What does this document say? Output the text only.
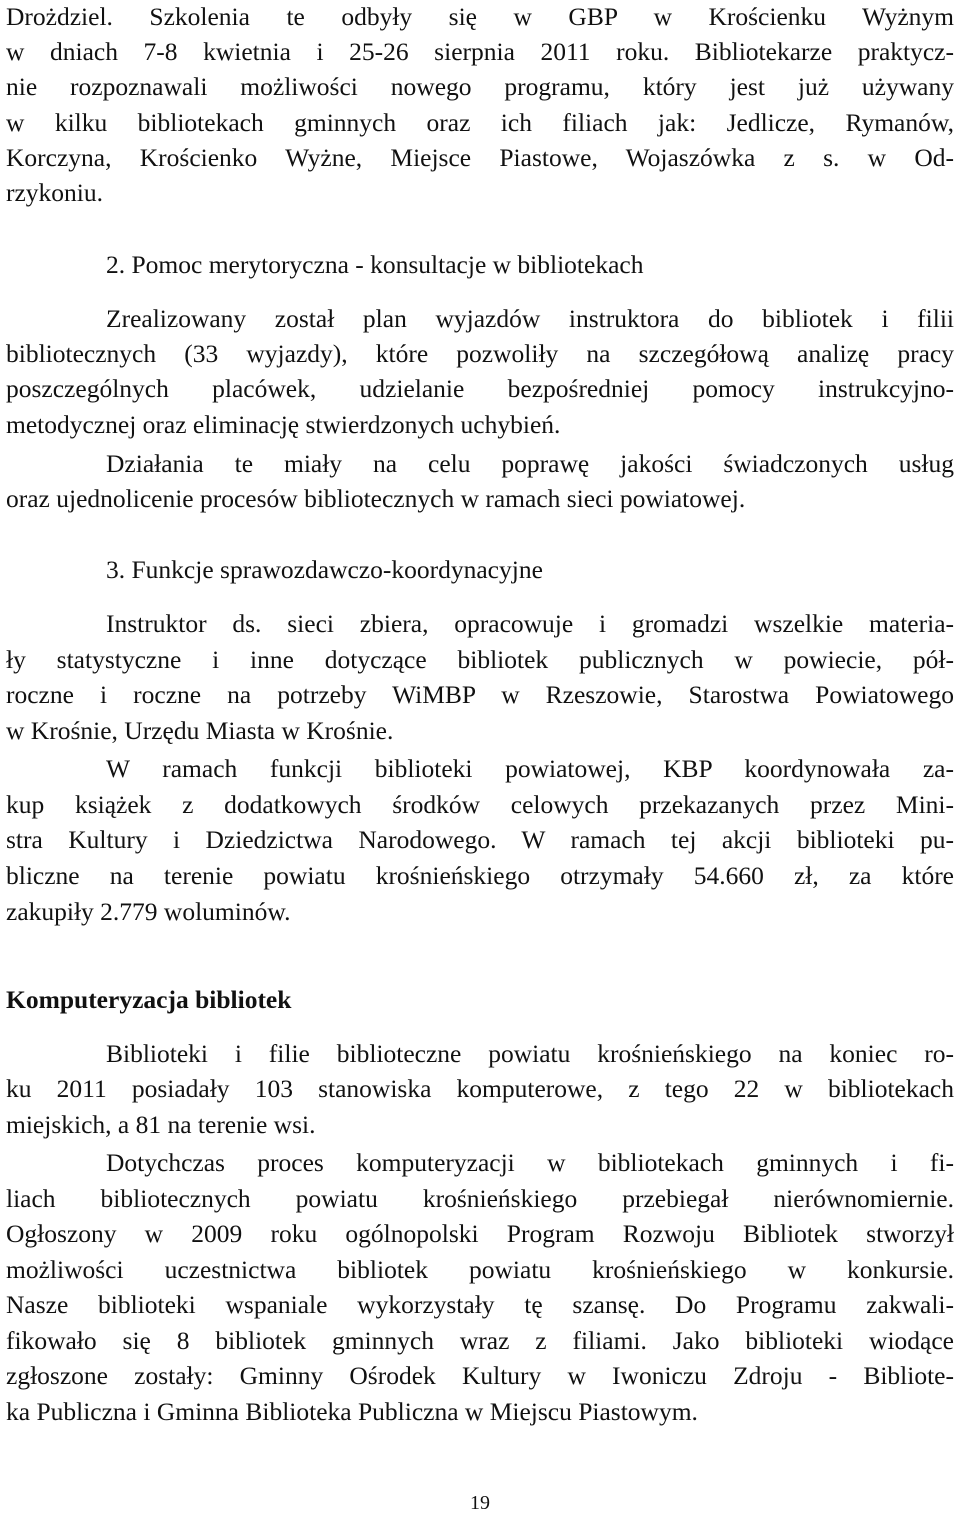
Drożdziel. Szkolenia te odbyły się w GBP w Krościenku Wyżnym
w dniach 7-8 kwietnia i 25-26 sierpnia 2011 roku. Bibliotekarze praktycz-
nie rozpoznawali możliwości nowego programu, który jest już używany
w kilku bibliotekach gminnych oraz ich filiach jak: Jedlicze, Rymanów,
Korczyna, Krościenko Wyżne, Miejsce Piastowe, Wojaszówka z s. w Od-
rzykoniu.
2. Pomoc merytoryczna - konsultacje w bibliotekach
Zrealizowany został plan wyjazdów instruktora do bibliotek i filii
bibliotecznych (33 wyjazdy), które pozwoliły na szczegółową analizę pracy
poszczególnych placówek, udzielanie bezpośredniej pomocy instrukcyjno-
metodycznej oraz eliminację stwierdzonych uchybień.
Działania te miały na celu poprawę jakości świadczonych usług
oraz ujednolicenie procesów bibliotecznych w ramach sieci powiatowej.
3. Funkcje sprawozdawczo-koordynacyjne
Instruktor ds. sieci zbiera, opracowuje i gromadzi wszelkie materia-
ły statystyczne i inne dotyczące bibliotek publicznych w powiecie, pół-
roczne i roczne na potrzeby WiMBP w Rzeszowie, Starostwa Powiatowego
w Krośnie, Urzędu Miasta w Krośnie.
W ramach funkcji biblioteki powiatowej, KBP koordynowała za-
kup książek z dodatkowych środków celowych przekazanych przez Mini-
stra Kultury i Dziedzictwa Narodowego. W ramach tej akcji biblioteki pu-
bliczne na terenie powiatu krośnieńskiego otrzymały 54.660 zł, za które
zakupiły 2.779 woluminów.
Komputeryzacja bibliotek
Biblioteki i filie biblioteczne powiatu krośnieńskiego na koniec ro-
ku 2011 posiadały 103 stanowiska komputerowe, z tego 22 w bibliotekach
miejskich, a 81 na terenie wsi.
Dotychczas proces komputeryzacji w bibliotekach gminnych i fi-
liach bibliotecznych powiatu krośnieńskiego przebiegał nierównomiernie.
Ogłoszony w 2009 roku ogólnopolski Program Rozwoju Bibliotek stworzył
możliwości uczestnictwa bibliotek powiatu krośnieńskiego w konkursie.
Nasze biblioteki wspaniale wykorzystały tę szansę. Do Programu zakwali-
fikowało się 8 bibliotek gminnych wraz z filiami. Jako biblioteki wiodące
zgłoszone zostały: Gminny Ośrodek Kultury w Iwoniczu Zdroju - Bibliote-
ka Publiczna i Gminna Biblioteka Publiczna w Miejscu Piastowym.
19
